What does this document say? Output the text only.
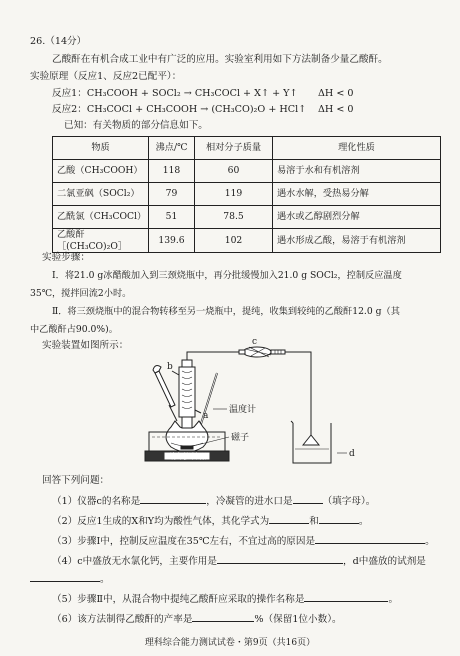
26.（14分）
乙酸酐在有机合成工业中有广泛的应用。实验室利用如下方法制备少量乙酸酐。
实验原理（反应1、反应2已配平）：
反应1：CH₃COOH + SOCl₂ → CH₃COCl + X↑ + Y↑ ΔH < 0
反应2：CH₃COCl + CH₃COOH → (CH₃CO)₂O + HCl↑ ΔH < 0
已知：有关物质的部分信息如下。
物质	沸点/℃	相对分子质量	理化性质
乙酸（CH₃COOH）	118	60	易溶于水和有机溶剂
二氯亚砜（SOCl₂）	79	119	遇水水解，受热易分解
乙酰氯（CH₃COCl）	51	78.5	遇水或乙醇剧烈分解
乙酸酐［(CH₃CO)₂O］	139.6	102	遇水形成乙酸，易溶于有机溶剂
实验步骤：
Ⅰ．将21.0 g冰醋酸加入到三颈烧瓶中，再分批缓慢加入21.0 g SOCl₂，控制反应温度
35℃，搅拌回流2小时。
Ⅱ．将三颈烧瓶中的混合物转移至另一烧瓶中，提纯，收集到较纯的乙酸酐12.0 g（其
中乙酸酐占90.0%)。
实验装置如图所示：	c
b
a
温度计
磁子
磁力搅拌器	d
回答下列问题：
（1）仪器c的名称是	，冷凝管的进水口是	（填字母）。
（2）反应1生成的X和Y均为酸性气体，其化学式为	和	。
（3）步骤Ⅰ中，控制反应温度在35℃左右，不宜过高的原因是	。
（4）c中盛放无水氯化钙，主要作用是	，d中盛放的试剂是
。
（5）步骤Ⅱ中，从混合物中提纯乙酸酐应采取的操作名称是	。
（6）该方法制得乙酸酐的产率是	%（保留1位小数）。
理科综合能力测试试卷・第9页（共16页）
